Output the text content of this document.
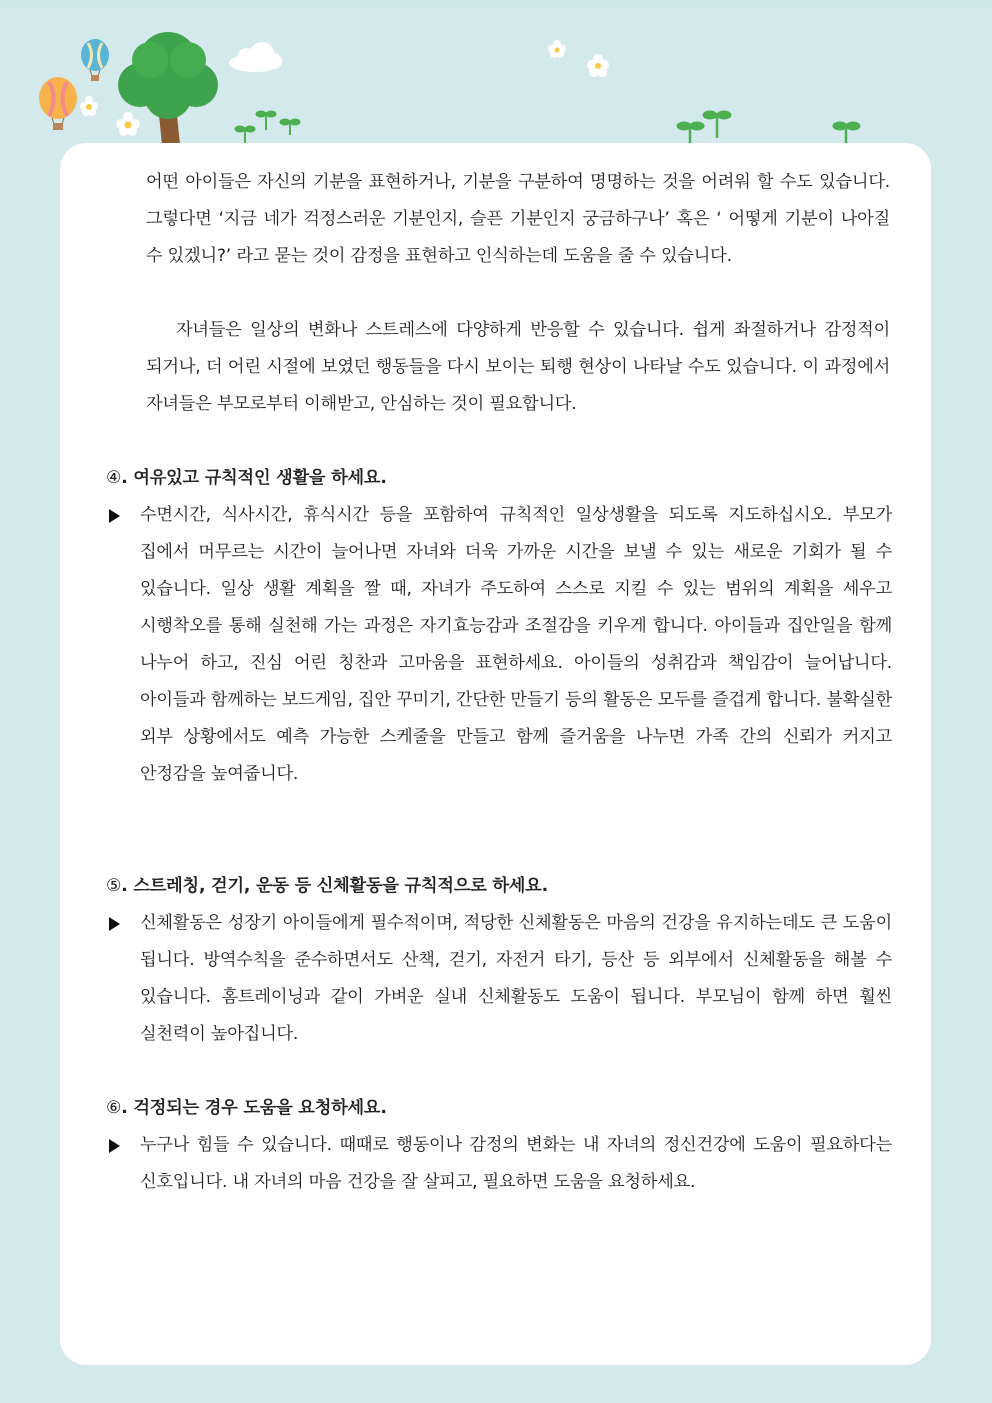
어떤 아이들은 자신의 기분을 표현하거나, 기분을 구분하여 명명하는 것을 어려워 할 수도 있습니다. 그렇다면 ‘지금 네가 걱정스러운 기분인지, 슬픈 기분인지 궁금하구나’ 혹은 ‘ 어떻게 기분이 나아질 수 있겠니?’ 라고 묻는 것이 감정을 표현하고 인식하는데 도움을 줄 수 있습니다.

자녀들은 일상의 변화나 스트레스에 다양하게 반응할 수 있습니다. 쉽게 좌절하거나 감정적이 되거나, 더 어린 시절에 보였던 행동들을 다시 보이는 퇴행 현상이 나타날 수도 있습니다. 이 과정에서 자녀들은 부모로부터 이해받고, 안심하는 것이 필요합니다.

④. 여유있고 규칙적인 생활을 하세요.

수면시간, 식사시간, 휴식시간 등을 포함하여 규칙적인 일상생활을 되도록 지도하십시오. 부모가 집에서 머무르는 시간이 늘어나면 자녀와 더욱 가까운 시간을 보낼 수 있는 새로운 기회가 될 수 있습니다. 일상 생활 계획을 짤 때, 자녀가 주도하여 스스로 지킬 수 있는 범위의 계획을 세우고 시행착오를 통해 실천해 가는 과정은 자기효능감과 조절감을 키우게 합니다. 아이들과 집안일을 함께 나누어 하고, 진심 어린 칭찬과 고마움을 표현하세요. 아이들의 성취감과 책임감이 늘어납니다. 아이들과 함께하는 보드게임, 집안 꾸미기, 간단한 만들기 등의 활동은 모두를 즐겁게 합니다. 불확실한 외부 상황에서도 예측 가능한 스케줄을 만들고 함께 즐거움을 나누면 가족 간의 신뢰가 커지고 안정감을 높여줍니다.

⑤. 스트레칭, 걷기, 운동 등 신체활동을 규칙적으로 하세요.

신체활동은 성장기 아이들에게 필수적이며, 적당한 신체활동은 마음의 건강을 유지하는데도 큰 도움이 됩니다. 방역수칙을 준수하면서도 산책, 걷기, 자전거 타기, 등산 등 외부에서 신체활동을 해볼 수 있습니다. 홈트레이닝과 같이 가벼운 실내 신체활동도 도움이 됩니다. 부모님이 함께 하면 훨씬 실천력이 높아집니다.

⑥. 걱정되는 경우 도움을 요청하세요.

누구나 힘들 수 있습니다. 때때로 행동이나 감정의 변화는 내 자녀의 정신건강에 도움이 필요하다는 신호입니다. 내 자녀의 마음 건강을 잘 살피고, 필요하면 도움을 요청하세요.
